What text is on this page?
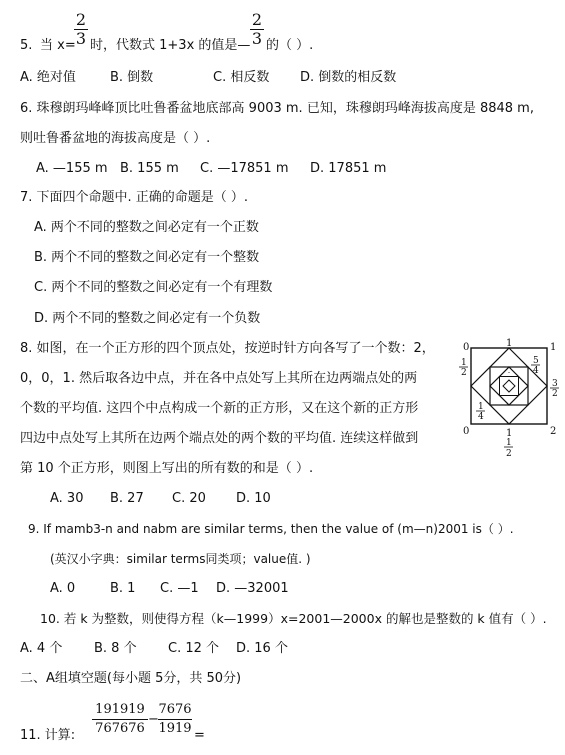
5. 当 x=
2
3 时，代数式 1+3x 的值是—
2
3 的（ ）.
A. 绝对值	B. 倒数	C. 相反数 D. 倒数的相反数
6. 珠穆朗玛峰峰顶比吐鲁番盆地底部高 9003 m. 已知，珠穆朗玛峰海拔高度是 8848 m,
则吐鲁番盆地的海拔高度是（ ）.
A. —155 m B. 155 m C. —17851 m D. 17851 m
7. 下面四个命题中. 正确的命题是（ ）.
A. 两个不同的整数之间必定有一个正数
B. 两个不同的整数之间必定有一个整数
C. 两个不同的整数之间必定有一个有理数
D. 两个不同的整数之间必定有一个负数
8. 如图，在一个正方形的四个顶点处，按逆时针方向各写了一个数：2，
0，0，1. 然后取各边中点，并在各中点处写上其所在边两端点处的两
个数的平均值. 这四个中点构成一个新的正方形，又在这个新的正方形
四边中点处写上其所在边两个端点处的两个数的平均值. 连续这样做到
第 10 个正方形，则图上写出的所有数的和是（ ）.
A. 30 B. 27 C. 20 D. 10
0	1
0	2
1
1
1
2
5
4
3
2
1
4
1
2
9. If mamb3-n and nabm are similar terms, then the value of (m—n)2001 is（ ）.
(英汉小字典：similar terms同类项；value值. )
A. 0	B. 1 C. —1 D. —32001
10. 若 k 为整数，则使得方程（k—1999）x=2001—2000x 的解也是整数的 k 值有（ ）.
A. 4 个 B. 8 个 C. 12 个 D. 16 个
二、A组填空题(每小题 5分，共 50分)
11. 计算:
191919
767676
−
7676
1919 =
